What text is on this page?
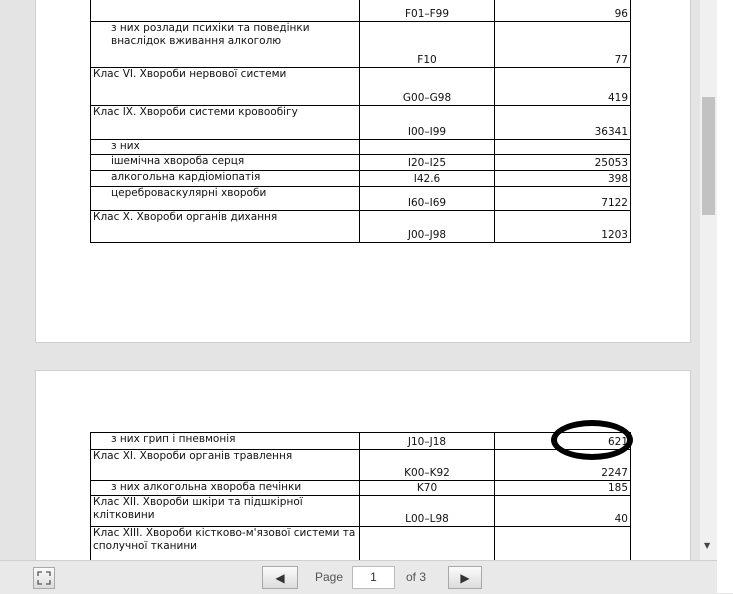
	F01–F99	96
з них розлади психіки та поведінки внаслідок вживання алкоголю	F10	77
Клас VI. Хвороби нервової системи	G00–G98	419
Клас IX. Хвороби системи кровообігу	I00–I99	36341
з них		
ішемічна хвороба серця	I20–I25	25053
алкогольна кардіоміопатія	I42.6	398
цереброваскулярні хвороби	I60–I69	7122
Клас X. Хвороби органів дихання	J00–J98	1203
з них грип і пневмонія	J10–J18	621
Клас XI. Хвороби органів травлення	K00–K92	2247
з них алкогольна хвороба печінки	K70	185
Клас XII. Хвороби шкіри та підшкірної клітковини	L00–L98	40
Клас XIII. Хвороби кістково-м'язової системи та сполучної тканини			▼
◀	Page	1	of 3	▶
